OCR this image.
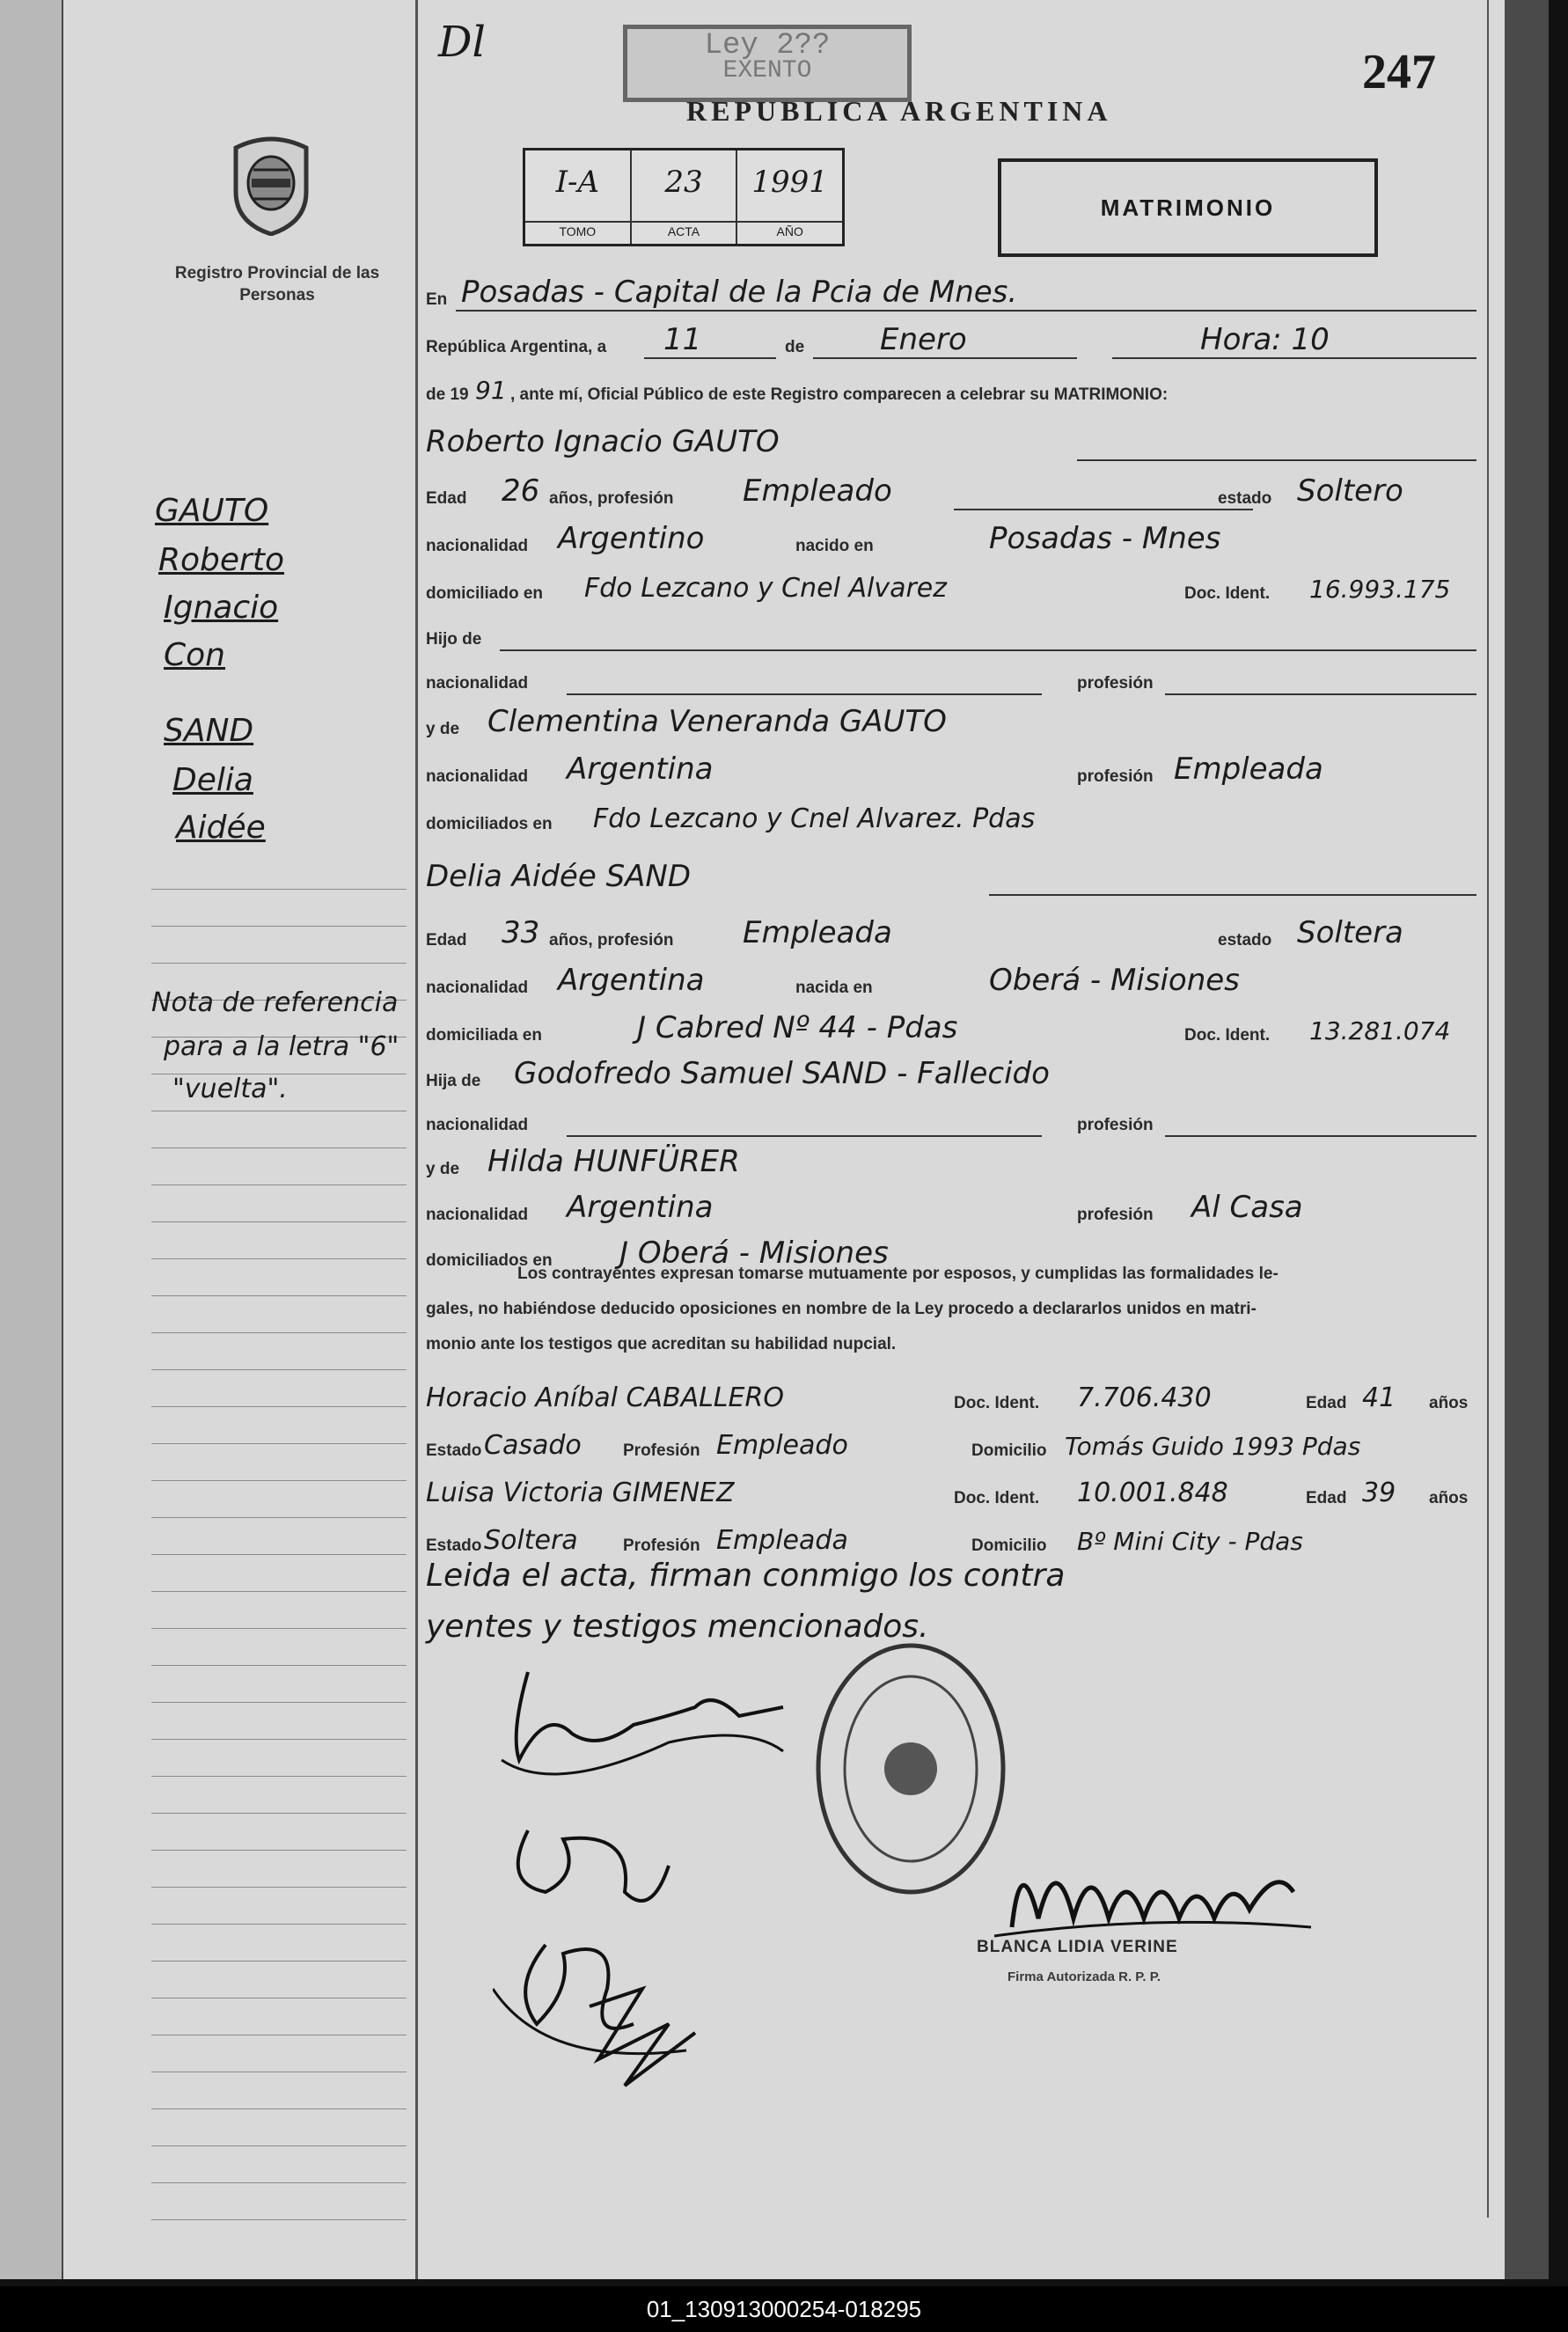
Dl	Ley 2??
EXENTO
REPUBLICA ARGENTINA
247
Registro Provincial de las Personas
I-A
TOMO
23
ACTA
1991
AÑO
MATRIMONIO
En Posadas - Capital de la Pcia de Mnes.
República Argentina, a 11	de	Enero	Hora: 10
de 19 91 , ante mí, Oficial Público de este Registro comparecen a celebrar su MATRIMONIO:
Roberto Ignacio GAUTO
Edad 26 años, profesión Empleado	estado Soltero
nacionalidad Argentino	nacido en	Posadas - Mnes
domiciliado en Fdo Lezcano y Cnel Alvarez	Doc. Ident. 16.993.175
Hijo de
nacionalidad	profesión
y de Clementina Veneranda GAUTO
nacionalidad Argentina	profesión Empleada
domiciliados en Fdo Lezcano y Cnel Alvarez. Pdas
Delia Aidée SAND
Edad 33 años, profesión Empleada	estado Soltera
nacionalidad Argentina	nacida en	Oberá - Misiones
domiciliada en	J Cabred Nº 44 - Pdas	Doc. Ident. 13.281.074
Hija de Godofredo Samuel SAND - Fallecido
nacionalidad	profesión
y de Hilda HUNFÜRER
nacionalidad Argentina	profesión Al Casa
domiciliados en J Oberá - Misiones
Los contrayentes expresan tomarse mutuamente por esposos, y cumplidas las formalidades le-
gales, no habiéndose deducido oposiciones en nombre de la Ley procedo a declararlos unidos en matri-
monio ante los testigos que acreditan su habilidad nupcial.
Horacio Aníbal CABALLERO	Doc. Ident. 7.706.430	Edad 41 años
Estado Casado Profesión Empleado	Domicilio Tomás Guido 1993 Pdas
Luisa Victoria GIMENEZ	Doc. Ident. 10.001.848	Edad 39 años
Estado Soltera	Profesión Empleada	Domicilio Bº Mini City - Pdas
Leida el acta, firman conmigo los contra
yentes y testigos mencionados.
GAUTO
Roberto
Ignacio
Con
SAND
Delia
Aidée
Nota de referencia
para a la letra "6"
"vuelta".
BLANCA LIDIA VERINE
Firma Autorizada R. P. P.
01_130913000254-018295
